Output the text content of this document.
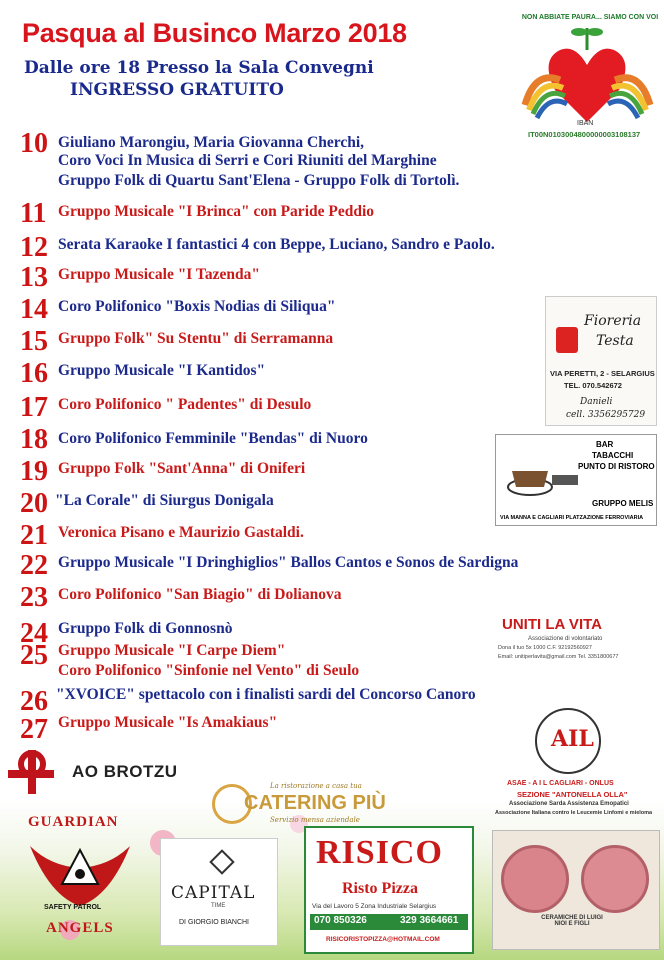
Pasqua al Businco Marzo 2018
Dalle ore 18 Presso la Sala Convegni
INGRESSO GRATUITO
NON ABBIATE PAURA... SIAMO CON VOI
IBAN
IT00N0103004800000003108137
10 Giuliano Marongiu, Maria Giovanna Cherchi,
Coro Voci In Musica di Serri e Cori Riuniti del Marghine
Gruppo Folk di Quartu Sant'Elena - Gruppo Folk di Tortolì.
11 Gruppo Musicale "I Brinca" con Paride Peddio
12 Serata Karaoke I fantastici 4 con Beppe, Luciano, Sandro e Paolo.
13 Gruppo Musicale "I Tazenda"
14 Coro Polifonico "Boxis Nodias di Siliqua"
15 Gruppo Folk" Su Stentu" di Serramanna
16 Gruppo Musicale "I Kantidos"
17 Coro Polifonico " Padentes" di Desulo
18 Coro Polifonico Femminile "Bendas" di Nuoro
19 Gruppo Folk "Sant'Anna" di Oniferi
20 "La Corale" di Siurgus Donigala
21 Veronica Pisano e Maurizio Gastaldi.
22 Gruppo Musicale "I Dringhiglios" Ballos Cantos e Sonos de Sardigna
23 Coro Polifonico "San Biagio" di Dolianova
24 Gruppo Folk di Gonnosnò
25 Gruppo Musicale "I Carpe Diem"
Coro Polifonico "Sinfonie nel Vento" di Seulo
26 "XVOICE" spettacolo con i finalisti sardi del Concorso Canoro
27 Gruppo Musicale "Is Amakiaus"
Fioreria
Testa
VIA PERETTI, 2 - SELARGIUS
TEL. 070.542672
Danieli
cell. 3356295729
BAR
TABACCHI
PUNTO DI RISTORO
GRUPPO MELIS
VIA MANNA E CAGLIARI PLATZAZIONE FERROVIARIA
UNITI LA VITA
Associazione di volontariato
Dona il tuo 5x 1000 C.F. 92192560927
Email: unitiperlavita@gmail.com Tel. 3351800677
AO BROTZU
La ristorazione a casa tua
CATERING PIÙ
Servizio mensa aziendale
AIL
ASAE - A I L CAGLIARI - ONLUS
SEZIONE "ANTONELLA OLLA"
Associazione Sarda Assistenza Emopatici
Associazione Italiana contro le Leucemie Linfomi e mieloma
GUARDIAN
SAFETY PATROL
ANGELS
CAPITAL
TIME
DI GIORGIO BIANCHI
RISICO
Risto Pizza
Via del Lavoro 5 Zona Industriale Selargius
070 850326	329 3664661
RISICORISTOPIZZA@HOTMAIL.COM
CERAMICHE DI LUIGI NIOI E FIGLI
